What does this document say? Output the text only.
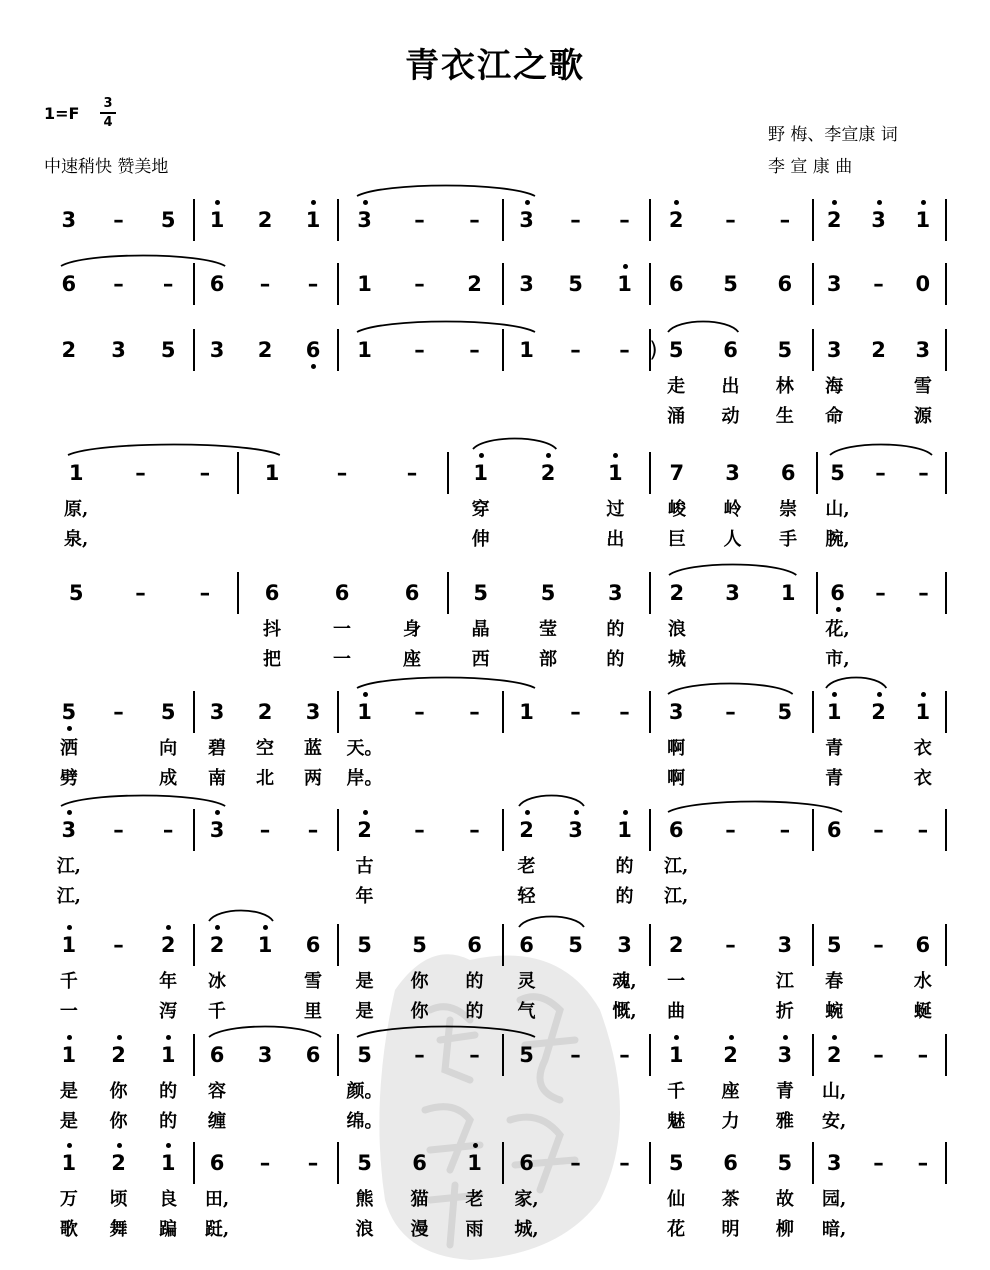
青衣江之歌
1=F
3
4
中速稍快 赞美地
野 梅、李宣康 词
李 宣 康 曲
3	–	5	1	2	1	3	–	–	3	–	–	2	–	–	2	3	1
6	–	–	6	–	–	1	–	2	3	5	1	6	5	6	3	–	0
2	3	5	3	2	6	1	–	–	1	–	–	5	6	5	3	2	3
)
走	出	林	海	雪
涌	动	生	命	源
1	–	–	1	–	–	1	2	1	7	3	6	5	–	–
原,	穿	过	峻	岭	崇	山,
泉,	伸	出	巨	人	手	腕,
5	–	–	6	6	6	5	5	3	2	3	1	6	–	–
抖	一	身	晶	莹	的	浪	花,
把	一	座	西	部	的	城	市,
5	–	5	3	2	3	1	–	–	1	–	–	3	–	5	1	2	1
洒	向	碧	空	蓝	天。	啊	青	衣
劈	成	南	北	两	岸。	啊	青	衣
3	–	–	3	–	–	2	–	–	2	3	1	6	–	–	6	–	–
江,	古	老	的	江,
江,	年	轻	的	江,
1	–	2	2	1	6	5	5	6	6	5	3	2	–	3	5	–	6
千	年	冰	雪	是	你	的	灵	魂,	一	江	春	水
一	泻	千	里	是	你	的	气	慨,	曲	折	蜿	蜒
1	2	1	6	3	6	5	–	–	5	–	–	1	2	3	2	–	–
是	你	的	容	颜。	千	座	青	山,
是	你	的	缠	绵。	魅	力	雅	安,
1	2	1	6	–	–	5	6	1	6	–	–	5	6	5	3	–	–
万	顷	良	田,	熊	猫	老	家,	仙	茶	故	园,
歌	舞	蹁	跹,	浪	漫	雨	城,	花	明	柳	暗,
